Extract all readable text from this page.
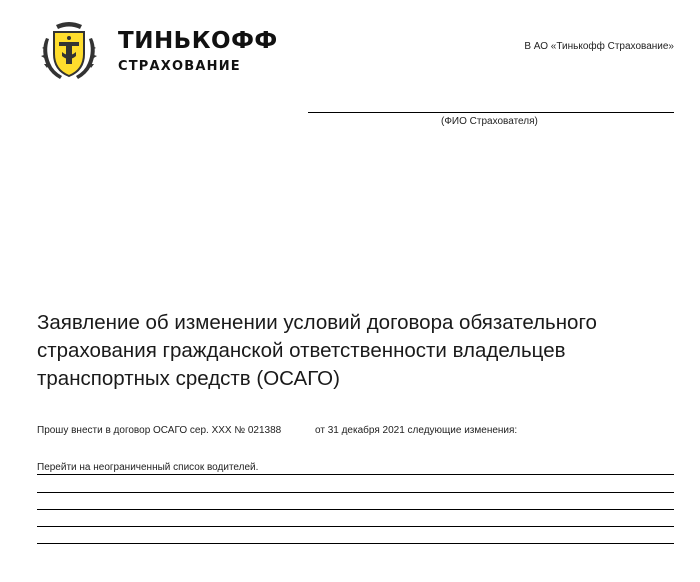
ТИНЬКОФФ
СТРАХОВАНИЕ
В АО «Тинькофф Страхование»
(ФИО Страхователя)
Заявление об изменении условий договора обязательного страхования гражданской ответственности владельцев транспортных средств (ОСАГО)
Прошу внести в договор ОСАГО сер. ХХХ № 021388	от 31 декабря 2021 следующие изменения:
Перейти на неограниченный список водителей.
